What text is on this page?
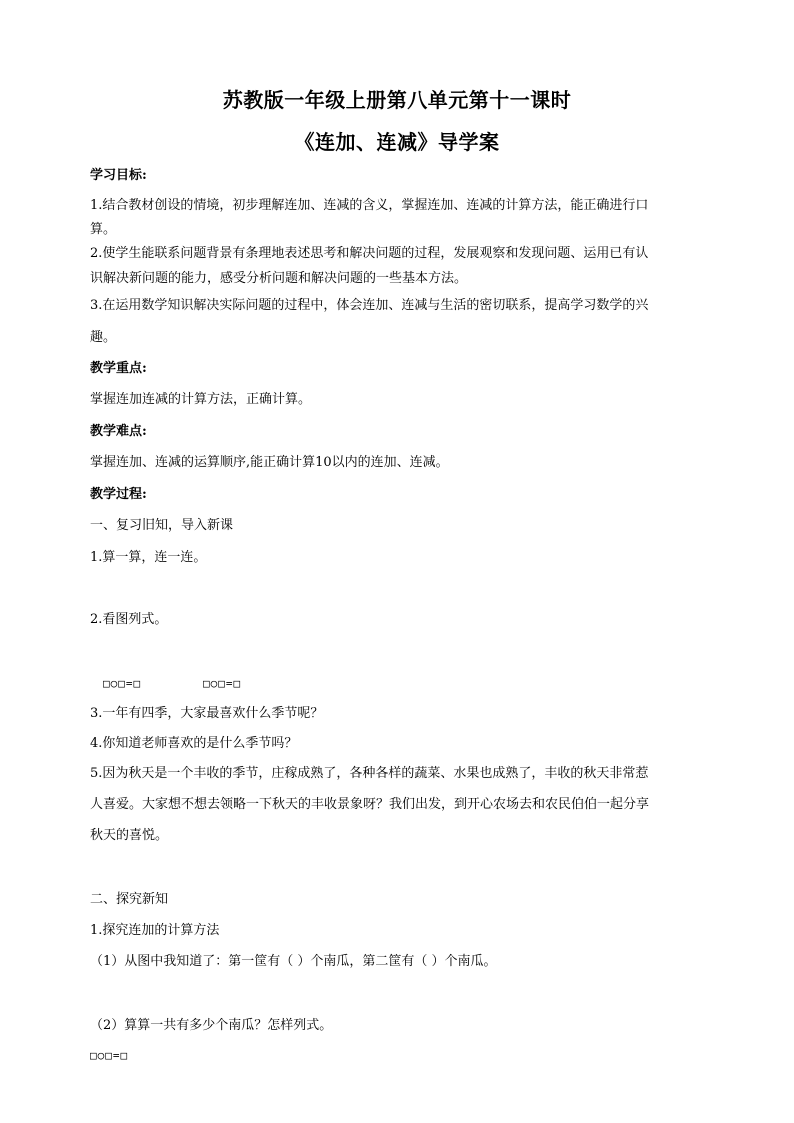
苏教版一年级上册第八单元第十一课时
《连加、连减》导学案
学习目标:
1.结合教材创设的情境，初步理解连加、连减的含义，掌握连加、连减的计算方法，能正确进行口
算。
2.使学生能联系问题背景有条理地表述思考和解决问题的过程，发展观察和发现问题、运用已有认
识解决新问题的能力，感受分析问题和解决问题的一些基本方法。
3.在运用数学知识解决实际问题的过程中，体会连加、连减与生活的密切联系，提高学习数学的兴
趣。
教学重点:
掌握连加连减的计算方法，正确计算。
教学难点:
掌握连加、连减的运算顺序,能正确计算10以内的连加、连减。
教学过程:
一、复习旧知，导入新课
1.算一算，连一连。
2.看图列式。
□○□=□	□○□=□
3.一年有四季，大家最喜欢什么季节呢？
4.你知道老师喜欢的是什么季节吗？
5.因为秋天是一个丰收的季节，庄稼成熟了，各种各样的蔬菜、水果也成熟了，丰收的秋天非常惹
人喜爱。大家想不想去领略一下秋天的丰收景象呀？我们出发，到开心农场去和农民伯伯一起分享
秋天的喜悦。
二、探究新知
1.探究连加的计算方法
（1）从图中我知道了：第一筐有（ ）个南瓜，第二筐有（ ）个南瓜。
（2）算算一共有多少个南瓜？怎样列式。
□○□=□
